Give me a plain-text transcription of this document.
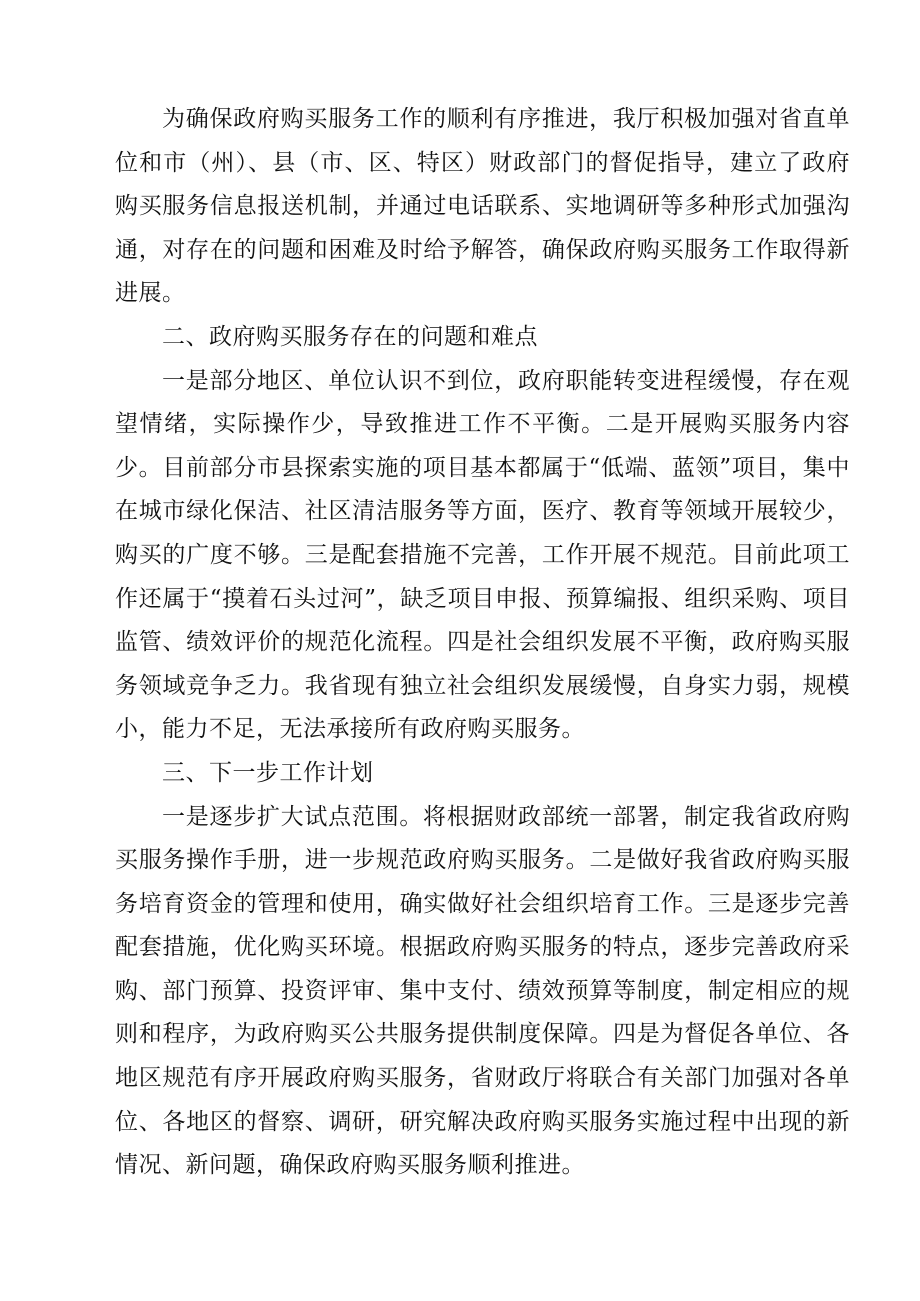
为确保政府购买服务工作的顺利有序推进，我厅积极加强对省直单位和市（州）、县（市、区、特区）财政部门的督促指导，建立了政府购买服务信息报送机制，并通过电话联系、实地调研等多种形式加强沟通，对存在的问题和困难及时给予解答，确保政府购买服务工作取得新进展。

二、政府购买服务存在的问题和难点

一是部分地区、单位认识不到位，政府职能转变进程缓慢，存在观望情绪，实际操作少，导致推进工作不平衡。二是开展购买服务内容少。目前部分市县探索实施的项目基本都属于“低端、蓝领”项目，集中在城市绿化保洁、社区清洁服务等方面，医疗、教育等领域开展较少，购买的广度不够。三是配套措施不完善，工作开展不规范。目前此项工作还属于“摸着石头过河”，缺乏项目申报、预算编报、组织采购、项目监管、绩效评价的规范化流程。四是社会组织发展不平衡，政府购买服务领域竞争乏力。我省现有独立社会组织发展缓慢，自身实力弱，规模小，能力不足，无法承接所有政府购买服务。

三、下一步工作计划

一是逐步扩大试点范围。将根据财政部统一部署，制定我省政府购买服务操作手册，进一步规范政府购买服务。二是做好我省政府购买服务培育资金的管理和使用，确实做好社会组织培育工作。三是逐步完善配套措施，优化购买环境。根据政府购买服务的特点，逐步完善政府采购、部门预算、投资评审、集中支付、绩效预算等制度，制定相应的规则和程序，为政府购买公共服务提供制度保障。四是为督促各单位、各地区规范有序开展政府购买服务，省财政厅将联合有关部门加强对各单位、各地区的督察、调研，研究解决政府购买服务实施过程中出现的新情况、新问题，确保政府购买服务顺利推进。
